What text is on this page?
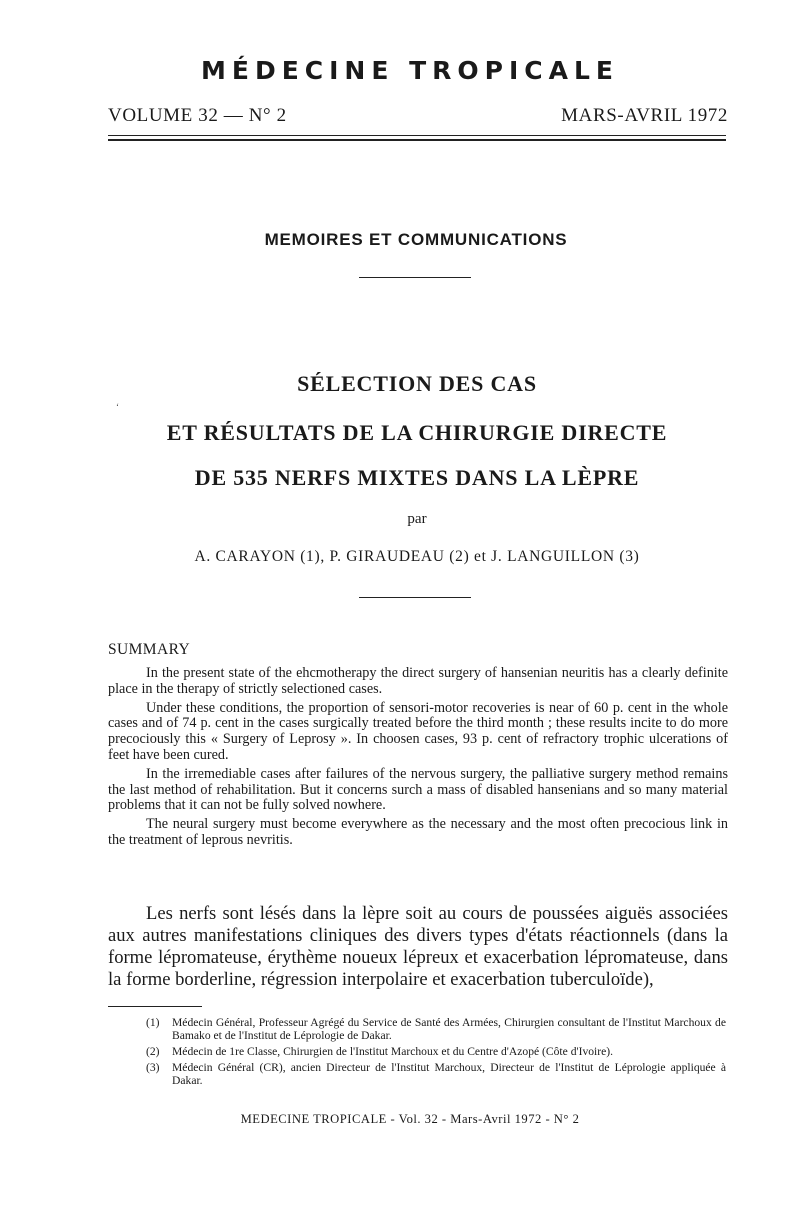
MÉDECINE TROPICALE
VOLUME 32 — N° 2	MARS-AVRIL 1972
MEMOIRES ET COMMUNICATIONS
‘
SÉLECTION DES CAS
ET RÉSULTATS DE LA CHIRURGIE DIRECTE
DE 535 NERFS MIXTES DANS LA LÈPRE
par
A. CARAYON (1), P. GIRAUDEAU (2) et J. LANGUILLON (3)
SUMMARY

In the present state of the ehcmotherapy the direct surgery of hansenian neuritis has a clearly definite place in the therapy of strictly selectioned cases.

Under these conditions, the proportion of sensori-motor recoveries is near of 60 p. cent in the whole cases and of 74 p. cent in the cases surgically treated before the third month ; these results incite to do more precociously this « Surgery of Leprosy ». In choosen cases, 93 p. cent of refractory trophic ulcerations of feet have been cured.

In the irremediable cases after failures of the nervous surgery, the palliative surgery method remains the last method of rehabilitation. But it concerns surch a mass of disabled hansenians and so many material problems that it can not be fully solved nowhere.

The neural surgery must become everywhere as the necessary and the most often precocious link in the treatment of leprous nevritis.

Les nerfs sont lésés dans la lèpre soit au cours de poussées aiguës associées aux autres manifestations cliniques des divers types d'états réactionnels (dans la forme lépromateuse, érythème noueux lépreux et exacerbation lépromateuse, dans la forme borderline, régression interpolaire et exacerbation tuberculoïde),

(1) Médecin Général, Professeur Agrégé du Service de Santé des Armées, Chirurgien consultant de l'Institut Marchoux de Bamako et de l'Institut de Léprologie de Dakar.
(2) Médecin de 1re Classe, Chirurgien de l'Institut Marchoux et du Centre d'Azopé (Côte d'Ivoire).
(3) Médecin Général (CR), ancien Directeur de l'Institut Marchoux, Directeur de l'Institut de Léprologie appliquée à Dakar.
MEDECINE TROPICALE - Vol. 32 - Mars-Avril 1972 - N° 2
